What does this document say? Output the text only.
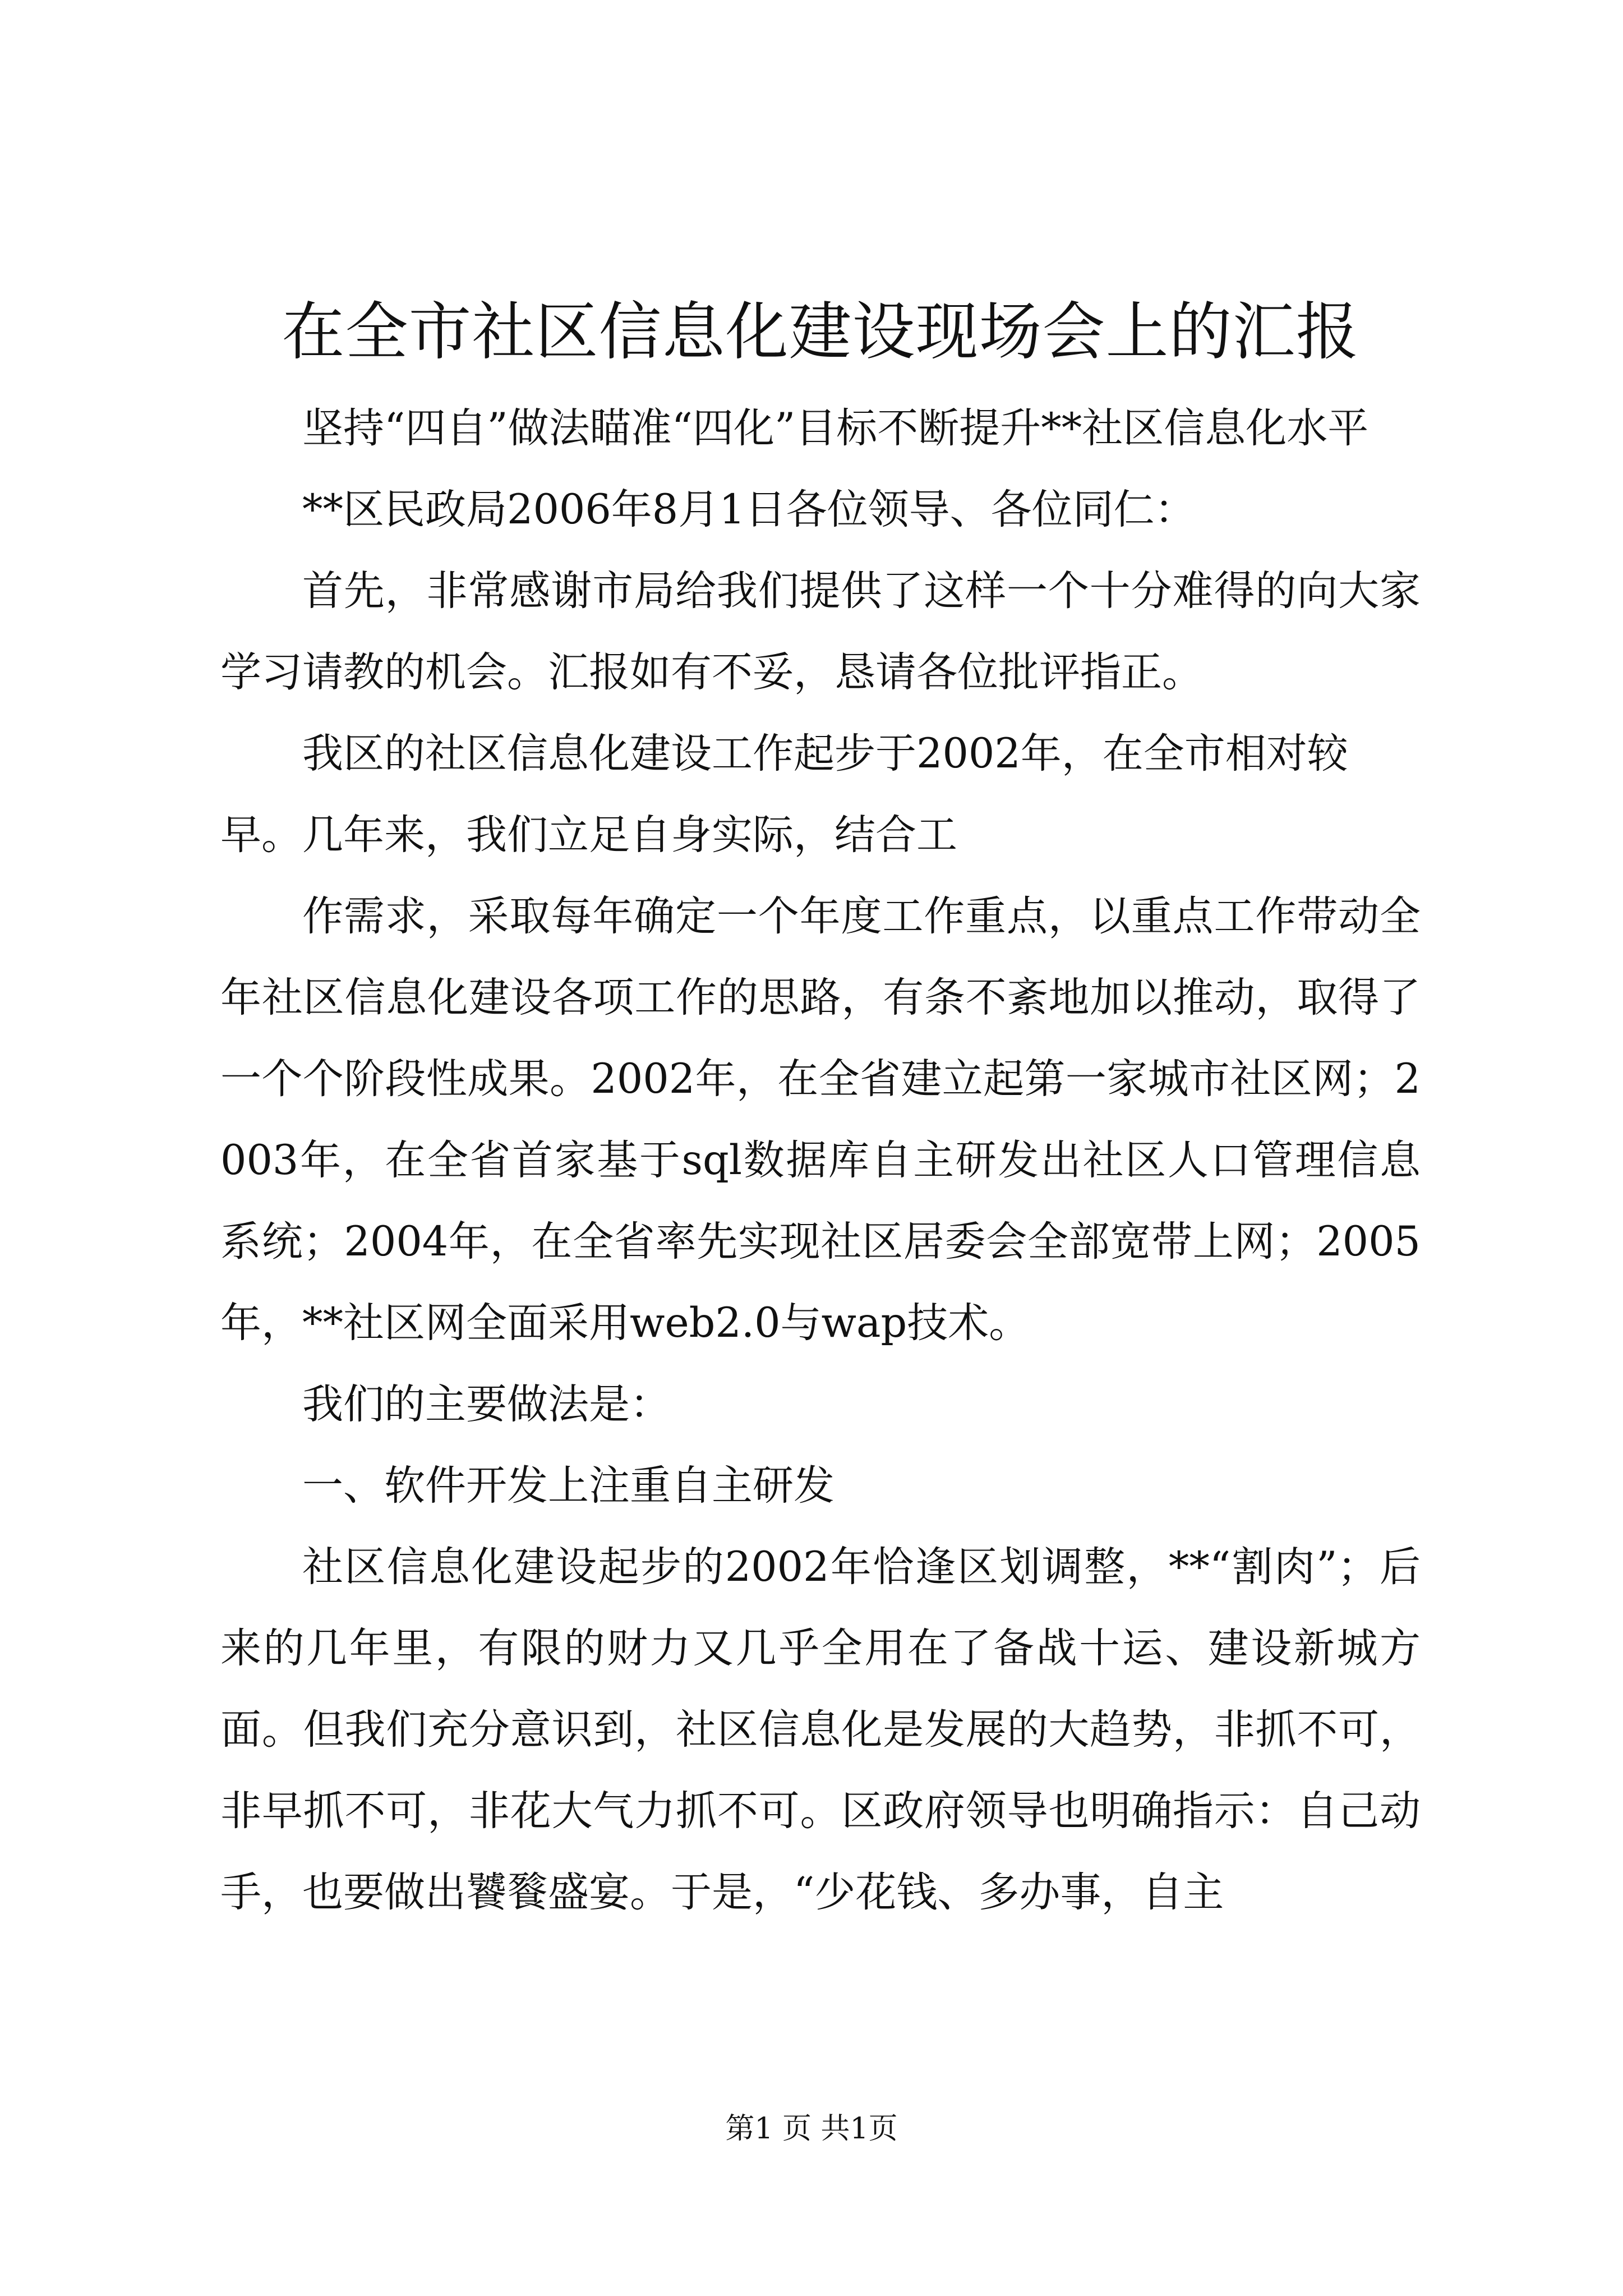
在全市社区信息化建设现场会上的汇报

坚持“四自”做法瞄准“四化”目标不断提升**社区信息化水平

**区民政局2006年8月1日各位领导、各位同仁：

首先，非常感谢市局给我们提供了这样一个十分难得的向大家学习请教的机会。汇报如有不妥，恳请各位批评指正。

我区的社区信息化建设工作起步于2002年，在全市相对较早。几年来，我们立足自身实际，结合工

作需求，采取每年确定一个年度工作重点，以重点工作带动全年社区信息化建设各项工作的思路，有条不紊地加以推动，取得了一个个阶段性成果。2002年，在全省建立起第一家城市社区网；2003年，在全省首家基于sql数据库自主研发出社区人口管理信息系统；2004年，在全省率先实现社区居委会全部宽带上网；2005年，**社区网全面采用web2.0与wap技术。

我们的主要做法是：

一、软件开发上注重自主研发

社区信息化建设起步的2002年恰逢区划调整，**“割肉”；后来的几年里，有限的财力又几乎全用在了备战十运、建设新城方面。但我们充分意识到，社区信息化是发展的大趋势，非抓不可，非早抓不可，非花大气力抓不可。区政府领导也明确指示：自己动手，也要做出饕餮盛宴。于是，“少花钱、多办事，自主

第1 页 共1页
